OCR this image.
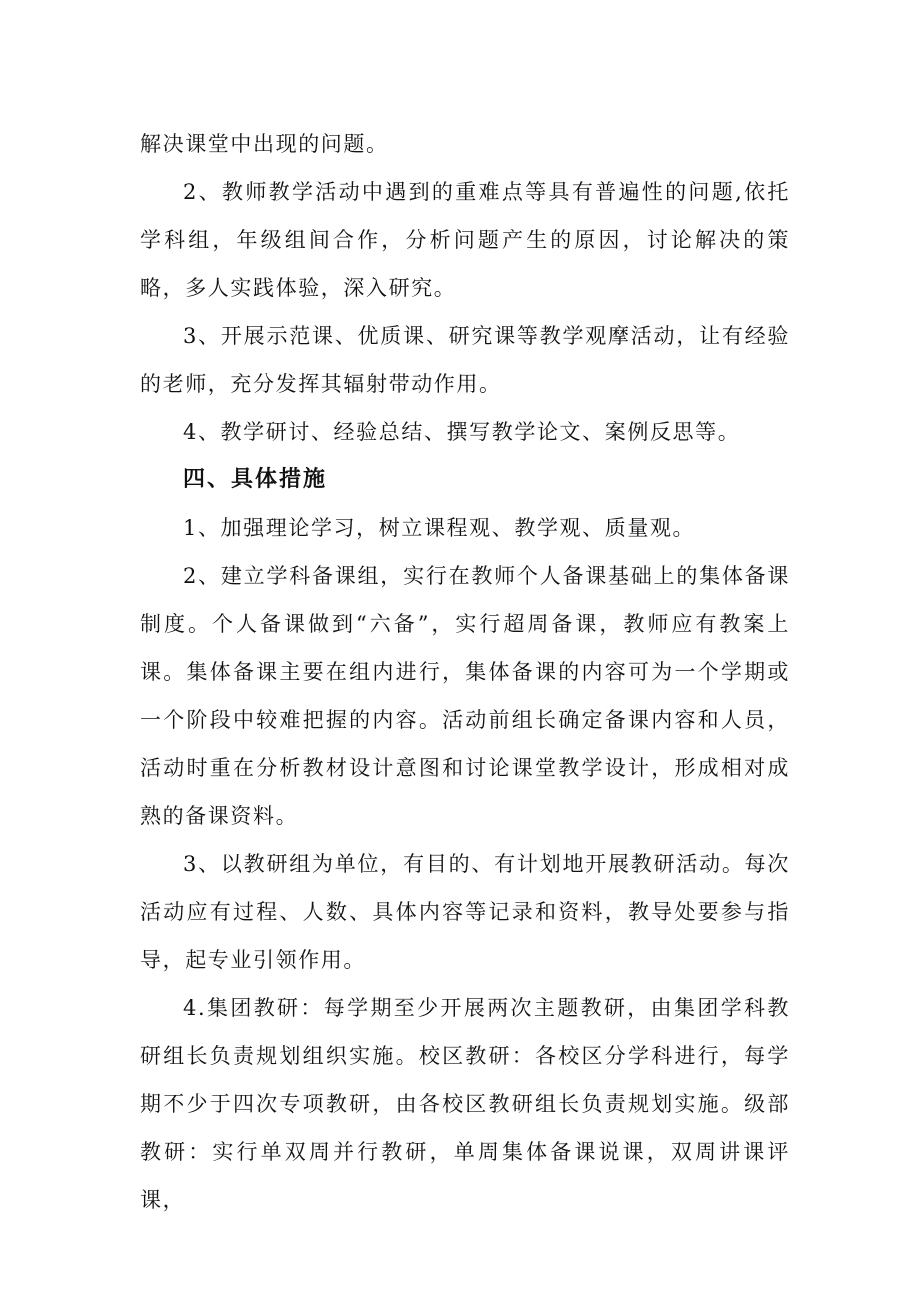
解决课堂中出现的问题。

2、教师教学活动中遇到的重难点等具有普遍性的问题,依托学科组，年级组间合作，分析问题产生的原因，讨论解决的策略，多人实践体验，深入研究。

3、开展示范课、优质课、研究课等教学观摩活动，让有经验的老师，充分发挥其辐射带动作用。

4、教学研讨、经验总结、撰写教学论文、案例反思等。

四、具体措施

1、加强理论学习，树立课程观、教学观、质量观。

2、建立学科备课组，实行在教师个人备课基础上的集体备课制度。个人备课做到“六备”，实行超周备课，教师应有教案上课。集体备课主要在组内进行，集体备课的内容可为一个学期或一个阶段中较难把握的内容。活动前组长确定备课内容和人员，活动时重在分析教材设计意图和讨论课堂教学设计，形成相对成熟的备课资料。

3、以教研组为单位，有目的、有计划地开展教研活动。每次活动应有过程、人数、具体内容等记录和资料，教导处要参与指导，起专业引领作用。

4.集团教研：每学期至少开展两次主题教研，由集团学科教研组长负责规划组织实施。校区教研：各校区分学科进行，每学期不少于四次专项教研，由各校区教研组长负责规划实施。级部教研：实行单双周并行教研，单周集体备课说课，双周讲课评课，
